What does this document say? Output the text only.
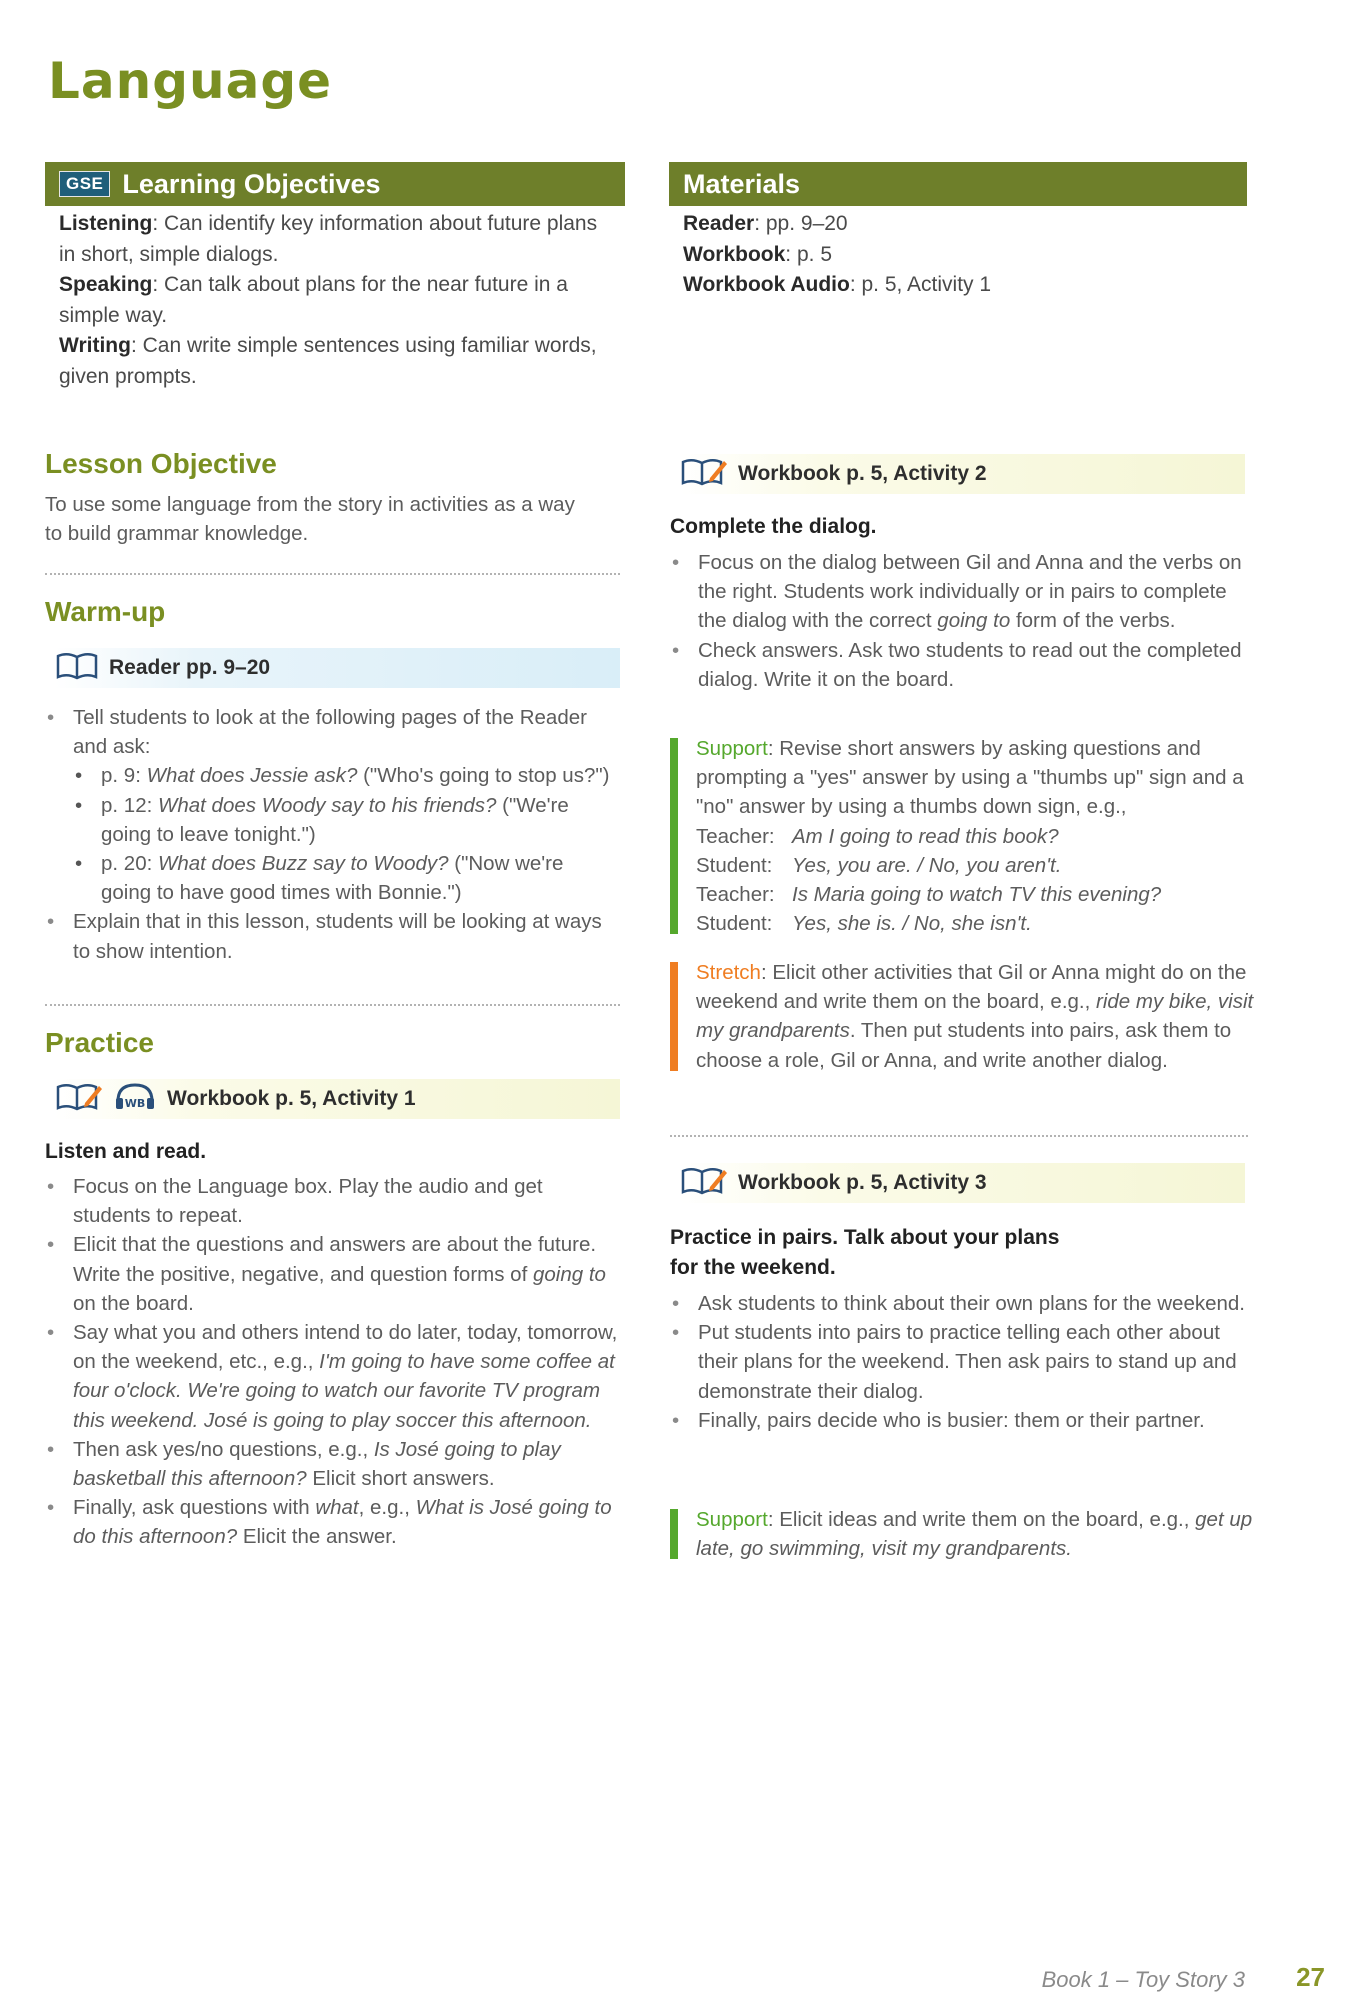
Language
GSE Learning Objectives

Listening: Can identify key information about future plans in short, simple dialogs.

Speaking: Can talk about plans for the near future in a simple way.

Writing: Can write simple sentences using familiar words, given prompts.

Materials

Reader: pp. 9–20

Workbook: p. 5

Workbook Audio: p. 5, Activity 1

Lesson Objective

To use some language from the story in activities as a way to build grammar knowledge.

Warm-up
Reader pp. 9–20
• Tell students to look at the following pages of the Reader and ask:
• p. 9: What does Jessie ask? ("Who's going to stop us?")
• p. 12: What does Woody say to his friends? ("We're going to leave tonight.")
• p. 20: What does Buzz say to Woody? ("Now we're going to have good times with Bonnie.")
• Explain that in this lesson, students will be looking at ways to show intention.
Practice
WB Workbook p. 5, Activity 1

Listen and read.

• Focus on the Language box. Play the audio and get students to repeat.
• Elicit that the questions and answers are about the future. Write the positive, negative, and question forms of going to on the board.
• Say what you and others intend to do later, today, tomorrow, on the weekend, etc., e.g., I'm going to have some coffee at four o'clock. We're going to watch our favorite TV program this weekend. José is going to play soccer this afternoon.
• Then ask yes/no questions, e.g., Is José going to play basketball this afternoon? Elicit short answers.
• Finally, ask questions with what, e.g., What is José going to do this afternoon? Elicit the answer.
Workbook p. 5, Activity 2

Complete the dialog.

• Focus on the dialog between Gil and Anna and the verbs on the right. Students work individually or in pairs to complete the dialog with the correct going to form of the verbs.
• Check answers. Ask two students to read out the completed dialog. Write it on the board.
Support: Revise short answers by asking questions and prompting a "yes" answer by using a "thumbs up" sign and a "no" answer by using a thumbs down sign, e.g.,
Teacher: Am I going to read this book?
Student: Yes, you are. / No, you aren't.
Teacher: Is Maria going to watch TV this evening?
Student: Yes, she is. / No, she isn't.
Stretch: Elicit other activities that Gil or Anna might do on the weekend and write them on the board, e.g., ride my bike, visit my grandparents. Then put students into pairs, ask them to choose a role, Gil or Anna, and write another dialog.
Workbook p. 5, Activity 3

Practice in pairs. Talk about your plans for the weekend.

• Ask students to think about their own plans for the weekend.
• Put students into pairs to practice telling each other about their plans for the weekend. Then ask pairs to stand up and demonstrate their dialog.
• Finally, pairs decide who is busier: them or their partner.
Support: Elicit ideas and write them on the board, e.g., get up late, go swimming, visit my grandparents.
Book 1 – Toy Story 3 27
